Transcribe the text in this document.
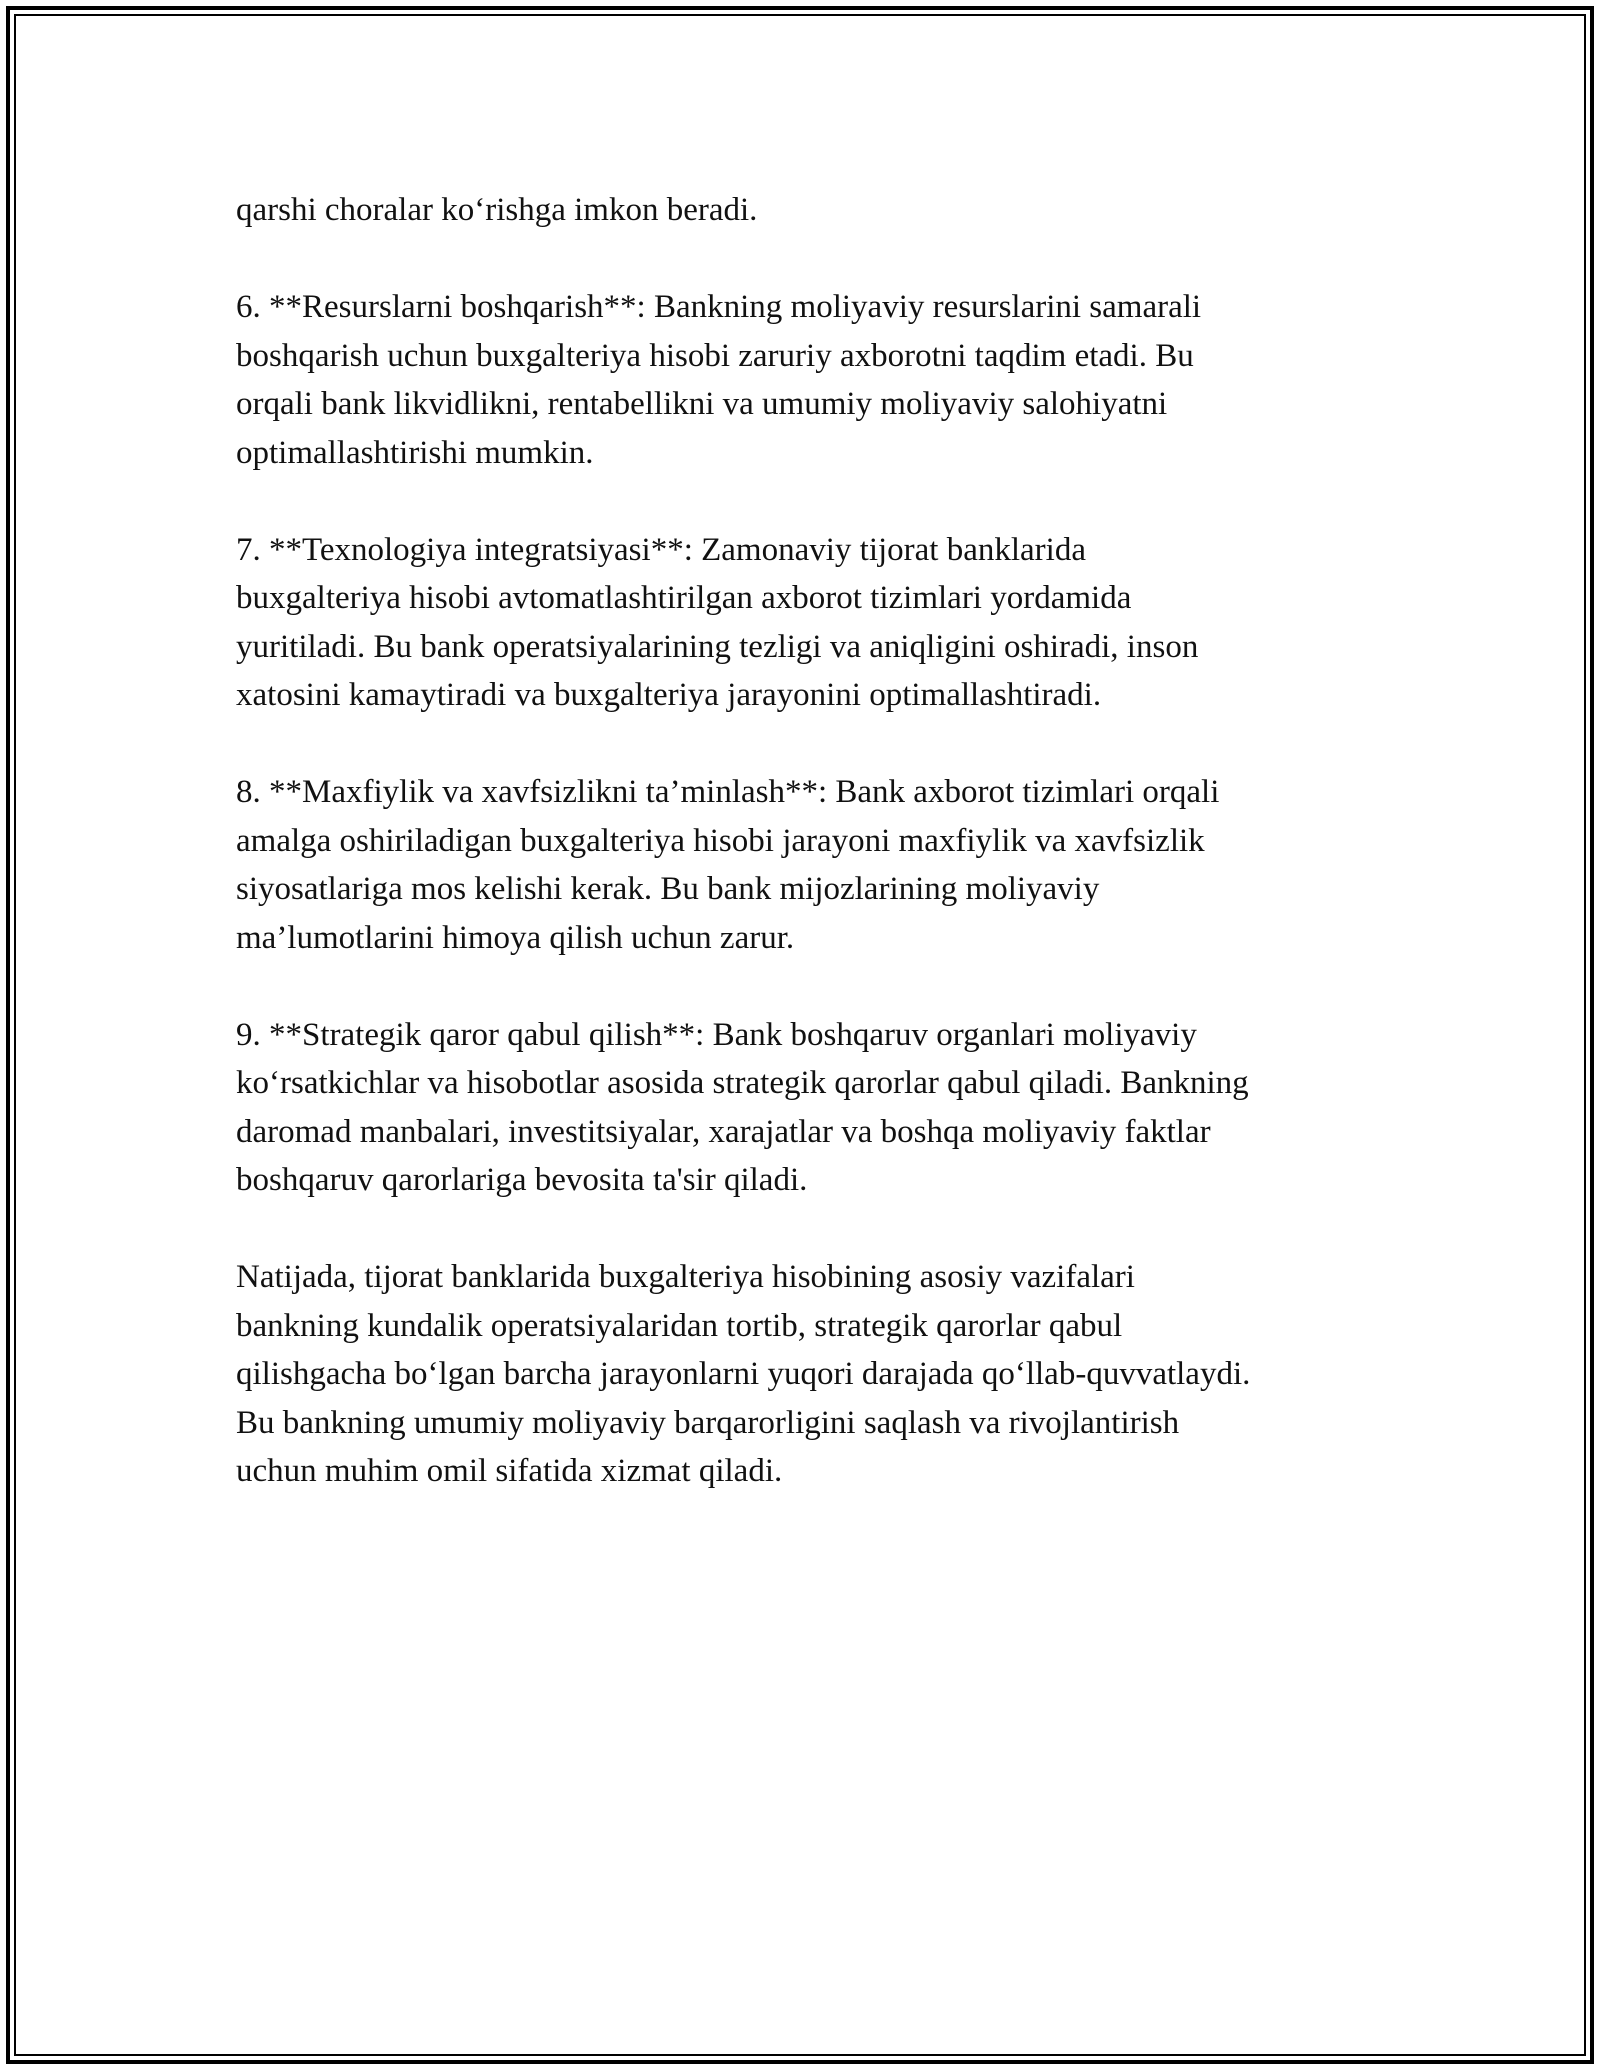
qarshi choralar ko‘rishga imkon beradi.

6. **Resurslarni boshqarish**: Bankning moliyaviy resurslarini samarali
boshqarish uchun buxgalteriya hisobi zaruriy axborotni taqdim etadi. Bu
orqali bank likvidlikni, rentabellikni va umumiy moliyaviy salohiyatni
optimallashtirishi mumkin.

7. **Texnologiya integratsiyasi**: Zamonaviy tijorat banklarida
buxgalteriya hisobi avtomatlashtirilgan axborot tizimlari yordamida
yuritiladi. Bu bank operatsiyalarining tezligi va aniqligini oshiradi, inson
xatosini kamaytiradi va buxgalteriya jarayonini optimallashtiradi.

8. **Maxfiylik va xavfsizlikni ta’minlash**: Bank axborot tizimlari orqali
amalga oshiriladigan buxgalteriya hisobi jarayoni maxfiylik va xavfsizlik
siyosatlariga mos kelishi kerak. Bu bank mijozlarining moliyaviy
ma’lumotlarini himoya qilish uchun zarur.

9. **Strategik qaror qabul qilish**: Bank boshqaruv organlari moliyaviy
ko‘rsatkichlar va hisobotlar asosida strategik qarorlar qabul qiladi. Bankning
daromad manbalari, investitsiyalar, xarajatlar va boshqa moliyaviy faktlar
boshqaruv qarorlariga bevosita ta'sir qiladi.

Natijada, tijorat banklarida buxgalteriya hisobining asosiy vazifalari
bankning kundalik operatsiyalaridan tortib, strategik qarorlar qabul
qilishgacha bo‘lgan barcha jarayonlarni yuqori darajada qo‘llab-quvvatlaydi.
Bu bankning umumiy moliyaviy barqarorligini saqlash va rivojlantirish
uchun muhim omil sifatida xizmat qiladi.
